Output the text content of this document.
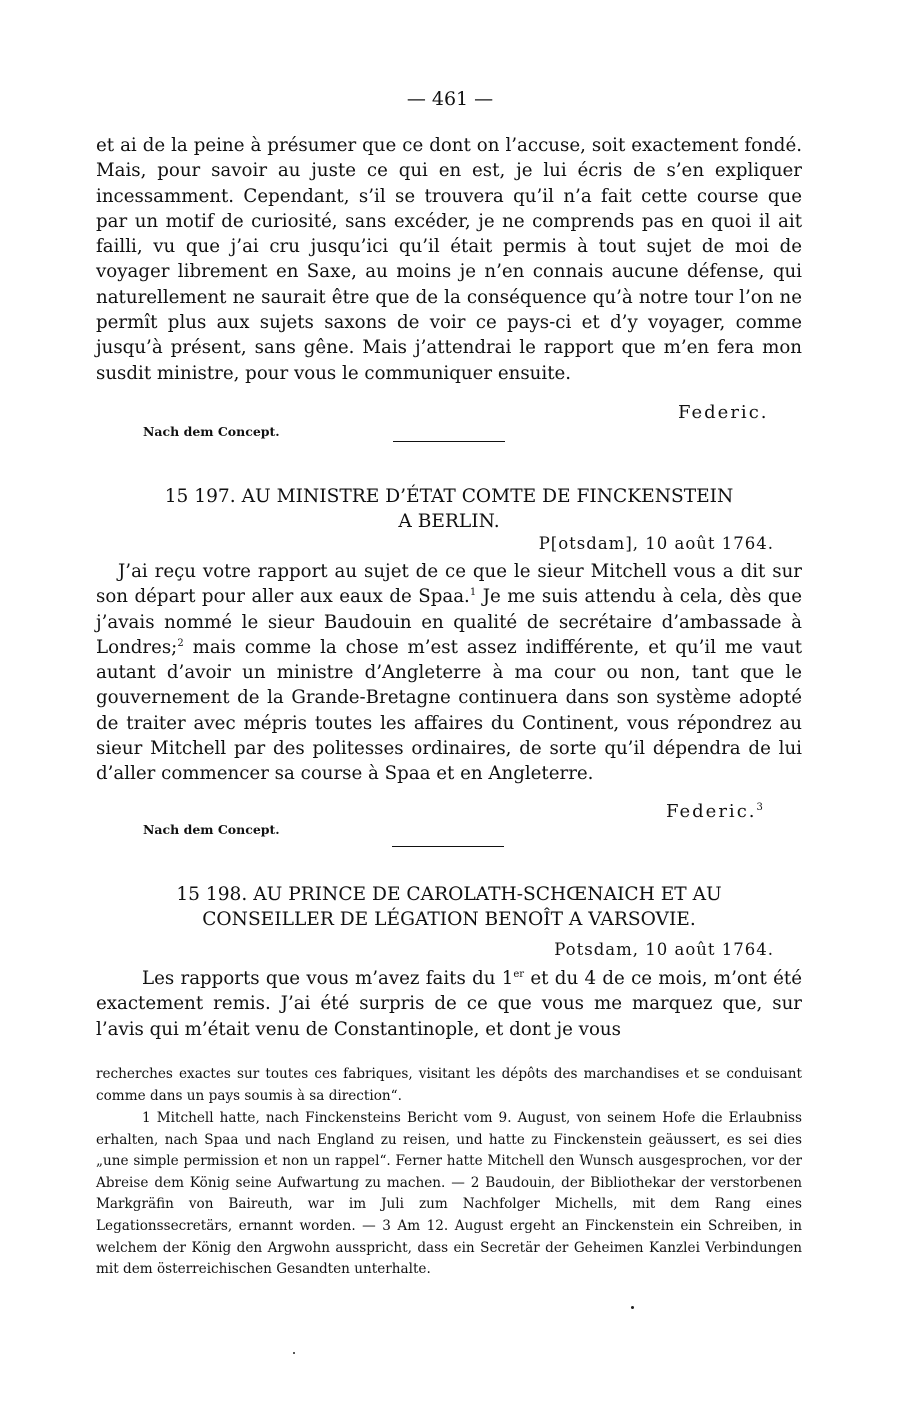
— 461 —
et ai de la peine à présumer que ce dont on l’accuse, soit exactement fondé. Mais, pour savoir au juste ce qui en est, je lui écris de s’en expliquer incessamment. Cependant, s’il se trouvera qu’il n’a fait cette course que par un motif de curiosité, sans excéder, je ne comprends pas en quoi il ait failli, vu que j’ai cru jusqu’ici qu’il était permis à tout sujet de moi de voyager librement en Saxe, au moins je n’en connais aucune défense, qui naturellement ne saurait être que de la conséquence qu’à notre tour l’on ne permît plus aux sujets saxons de voir ce pays-ci et d’y voyager, comme jusqu’à présent, sans gêne. Mais j’attendrai le rapport que m’en fera mon susdit ministre, pour vous le communiquer ensuite.
Federic.
Nach dem Concept.
15 197. AU MINISTRE D’ÉTAT COMTE DE FINCKENSTEIN
A BERLIN.
P[otsdam], 10 août 1764.
J’ai reçu votre rapport au sujet de ce que le sieur Mitchell vous a dit sur son départ pour aller aux eaux de Spaa.$^1$ Je me suis attendu à cela, dès que j’avais nommé le sieur Baudouin en qualité de secrétaire d’ambassade à Londres;$^2$ mais comme la chose m’est assez indifférente, et qu’il me vaut autant d’avoir un ministre d’Angleterre à ma cour ou non, tant que le gouvernement de la Grande-Bretagne continuera dans son système adopté de traiter avec mépris toutes les affaires du Continent, vous répondrez au sieur Mitchell par des politesses ordinaires, de sorte qu’il dépendra de lui d’aller commencer sa course à Spaa et en Angleterre.
Federic.$^3$
Nach dem Concept.
15 198. AU PRINCE DE CAROLATH-SCHŒNAICH ET AU
CONSEILLER DE LÉGATION BENOÎT A VARSOVIE.
Potsdam, 10 août 1764.
Les rapports que vous m’avez faits du 1er et du 4 de ce mois, m’ont été exactement remis. J’ai été surpris de ce que vous me marquez que, sur l’avis qui m’était venu de Constantinople, et dont je vous
recherches exactes sur toutes ces fabriques, visitant les dépôts des marchandises et se conduisant comme dans un pays soumis à sa direction“.
1 Mitchell hatte, nach Finckensteins Bericht vom 9. August, von seinem Hofe die Erlaubniss erhalten, nach Spaa und nach England zu reisen, und hatte zu Finckenstein geäussert, es sei dies „une simple permission et non un rappel“. Ferner hatte Mitchell den Wunsch ausgesprochen, vor der Abreise dem König seine Aufwartung zu machen. — 2 Baudouin, der Bibliothekar der verstorbenen Markgräfin von Baireuth, war im Juli zum Nachfolger Michells, mit dem Rang eines Legationssecretärs, ernannt worden. — 3 Am 12. August ergeht an Finckenstein ein Schreiben, in welchem der König den Argwohn ausspricht, dass ein Secretär der Geheimen Kanzlei Verbindungen mit dem österreichischen Gesandten unterhalte.
